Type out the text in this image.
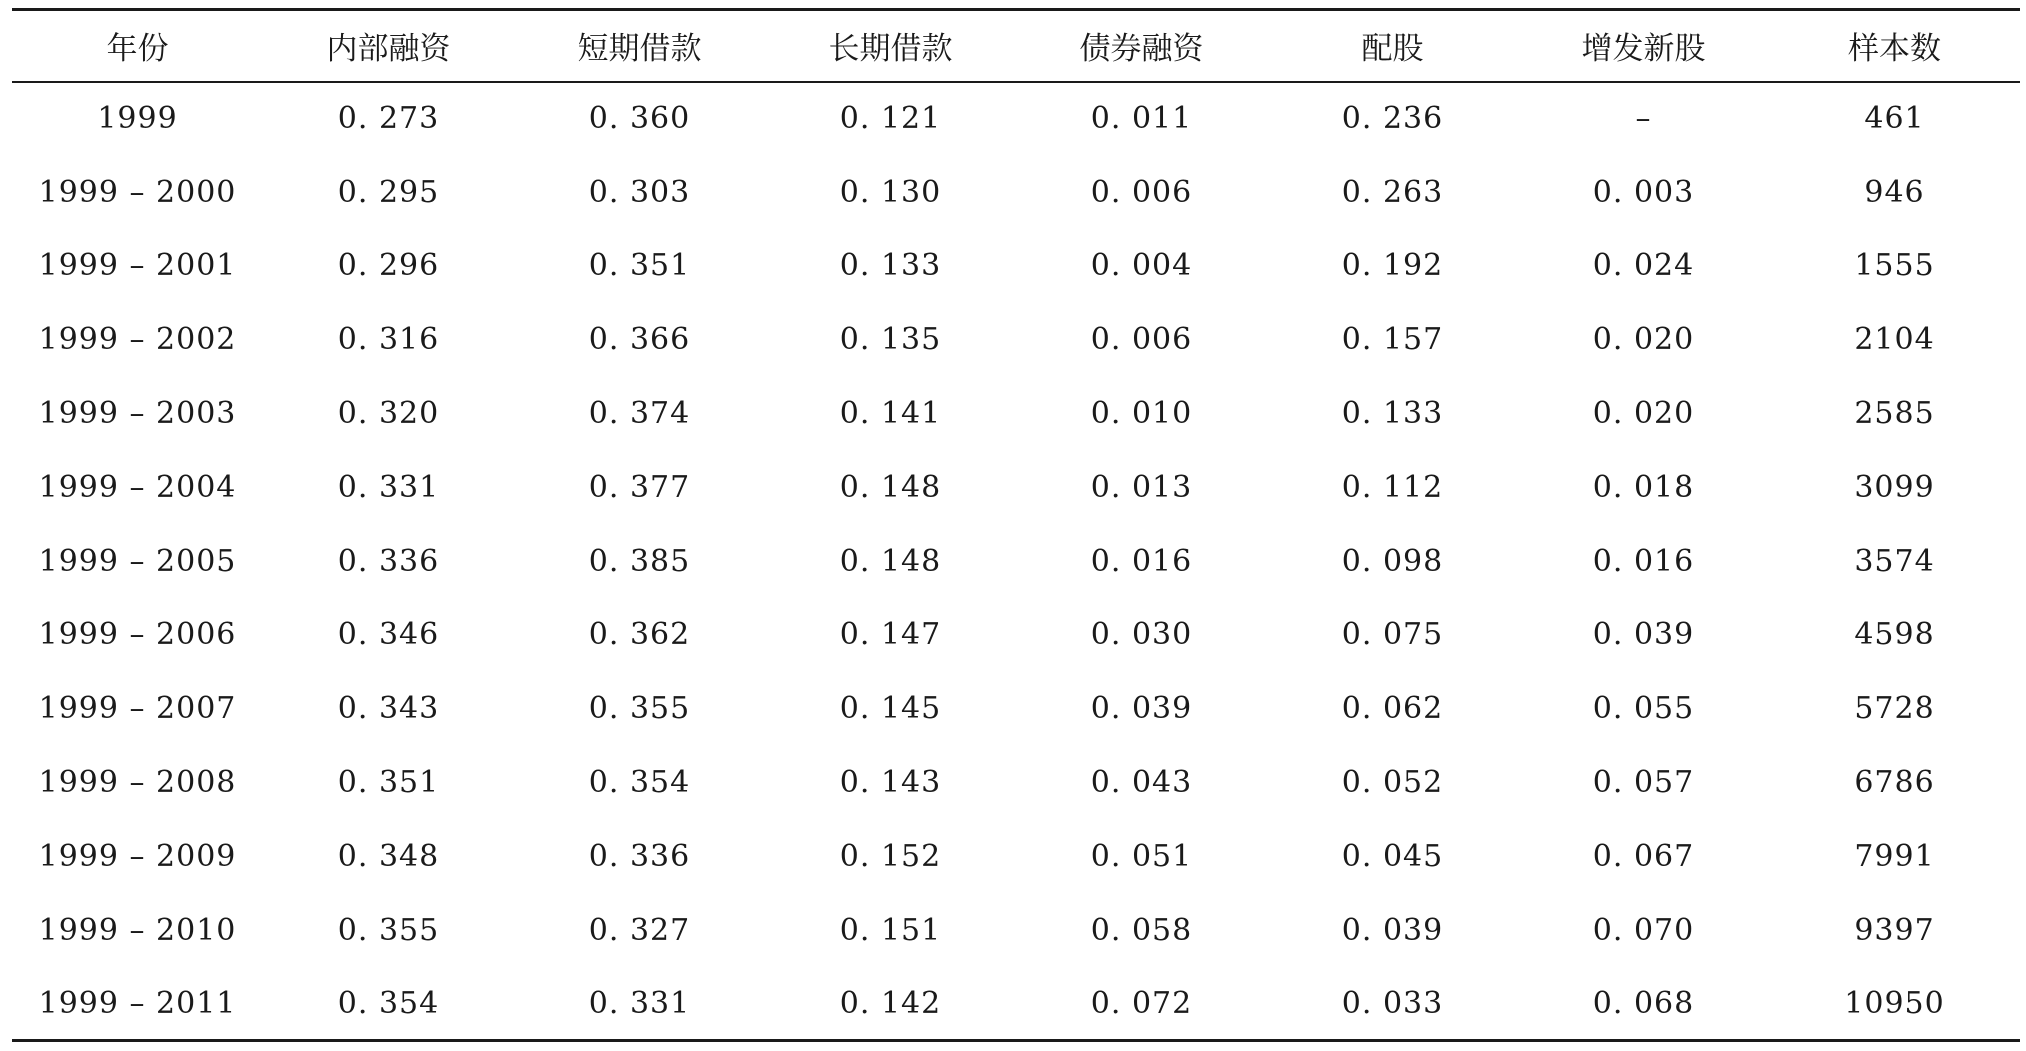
年份	内部融资	短期借款	长期借款	债券融资	配股	增发新股	样本数
1999	0. 273	0. 360	0. 121	0. 011	0. 236	–	461
1999 – 2000	0. 295	0. 303	0. 130	0. 006	0. 263	0. 003	946
1999 – 2001	0. 296	0. 351	0. 133	0. 004	0. 192	0. 024	1555
1999 – 2002	0. 316	0. 366	0. 135	0. 006	0. 157	0. 020	2104
1999 – 2003	0. 320	0. 374	0. 141	0. 010	0. 133	0. 020	2585
1999 – 2004	0. 331	0. 377	0. 148	0. 013	0. 112	0. 018	3099
1999 – 2005	0. 336	0. 385	0. 148	0. 016	0. 098	0. 016	3574
1999 – 2006	0. 346	0. 362	0. 147	0. 030	0. 075	0. 039	4598
1999 – 2007	0. 343	0. 355	0. 145	0. 039	0. 062	0. 055	5728
1999 – 2008	0. 351	0. 354	0. 143	0. 043	0. 052	0. 057	6786
1999 – 2009	0. 348	0. 336	0. 152	0. 051	0. 045	0. 067	7991
1999 – 2010	0. 355	0. 327	0. 151	0. 058	0. 039	0. 070	9397
1999 – 2011	0. 354	0. 331	0. 142	0. 072	0. 033	0. 068	10950
